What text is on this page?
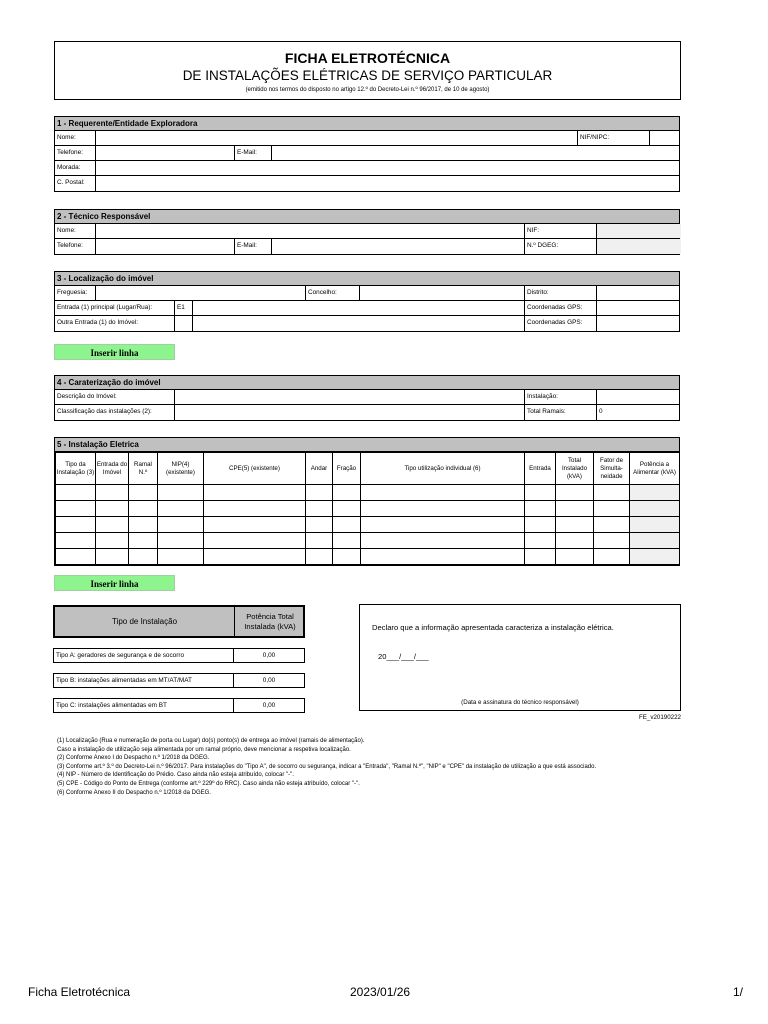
FICHA ELETROTÉCNICA
DE INSTALAÇÕES ELÉTRICAS DE SERVIÇO PARTICULAR
(emitido nos termos do disposto no artigo 12.º do Decreto-Lei n.º 96/2017, de 10 de agosto)
1 - Requerente/Entidade Exploradora
Nome:	NIF/NIPC:
Telefone:	E-Mail:
Morada:
C. Postal:
2 - Técnico Responsável
Nome:	NIF:
Telefone:	E-Mail:	N.º DGEG:
3 - Localização do imóvel
Freguesia:	Concelho:	Distrito:
Entrada (1) principal (Lugar/Rua):	E1	Coordenadas GPS:
Outra Entrada (1) do Imóvel:	Coordenadas GPS:
Inserir linha
4 - Caraterização do imóvel
Descrição do Imóvel:	Instalação:
Classificação das instalações (2):	Total Ramais:	0
5 - Instalação Eletrica
Tipo da Instalação (3)	Entrada do Imóvel	Ramal N.º	NIP(4) (existente)	CPE(5) (existente)	Andar	Fração	Tipo utilização individual (6)	Entrada	Total Instalado (kVA)	Fator de Simulta-neidade	Potência a Alimentar (kVA)

Inserir linha
Tipo de Instalação
Potência Total Instalada (kVA)
Tipo A: geradores de segurança e de socorro	0,00
Tipo B: instalações alimentadas em MT/AT/MAT	0,00
Tipo C: instalações alimentadas em BT	0,00
Declaro que a informação apresentada caracteriza a instalação elétrica.
20___/___/___
(Data e assinatura do técnico responsável)
FE_v20190222
(1) Localização (Rua e numeração de porta ou Lugar) do(s) ponto(s) de entrega ao imóvel (ramais de alimentação).
Caso a instalação de utilização seja alimentada por um ramal próprio, deve mencionar a respetiva localização.
(2) Conforme Anexo I do Despacho n.º 1/2018 da DGEG.
(3) Conforme art.º 3.º do Decreto-Lei n.º 96/2017. Para instalações do "Tipo A", de socorro ou segurança, indicar a "Entrada", "Ramal N.º", "NIP" e "CPE" da instalação de utilização a que está associado.
(4) NIP - Número de Identificação do Prédio. Caso ainda não esteja atribuído, colocar "-".
(5) CPE - Código do Ponto de Entrega (conforme art.º 229º do RRC). Caso ainda não esteja atribuído, colocar "-".
(6) Conforme Anexo II do Despacho n.º 1/2018 da DGEG.
Ficha Eletrotécnica	2023/01/26	1/
